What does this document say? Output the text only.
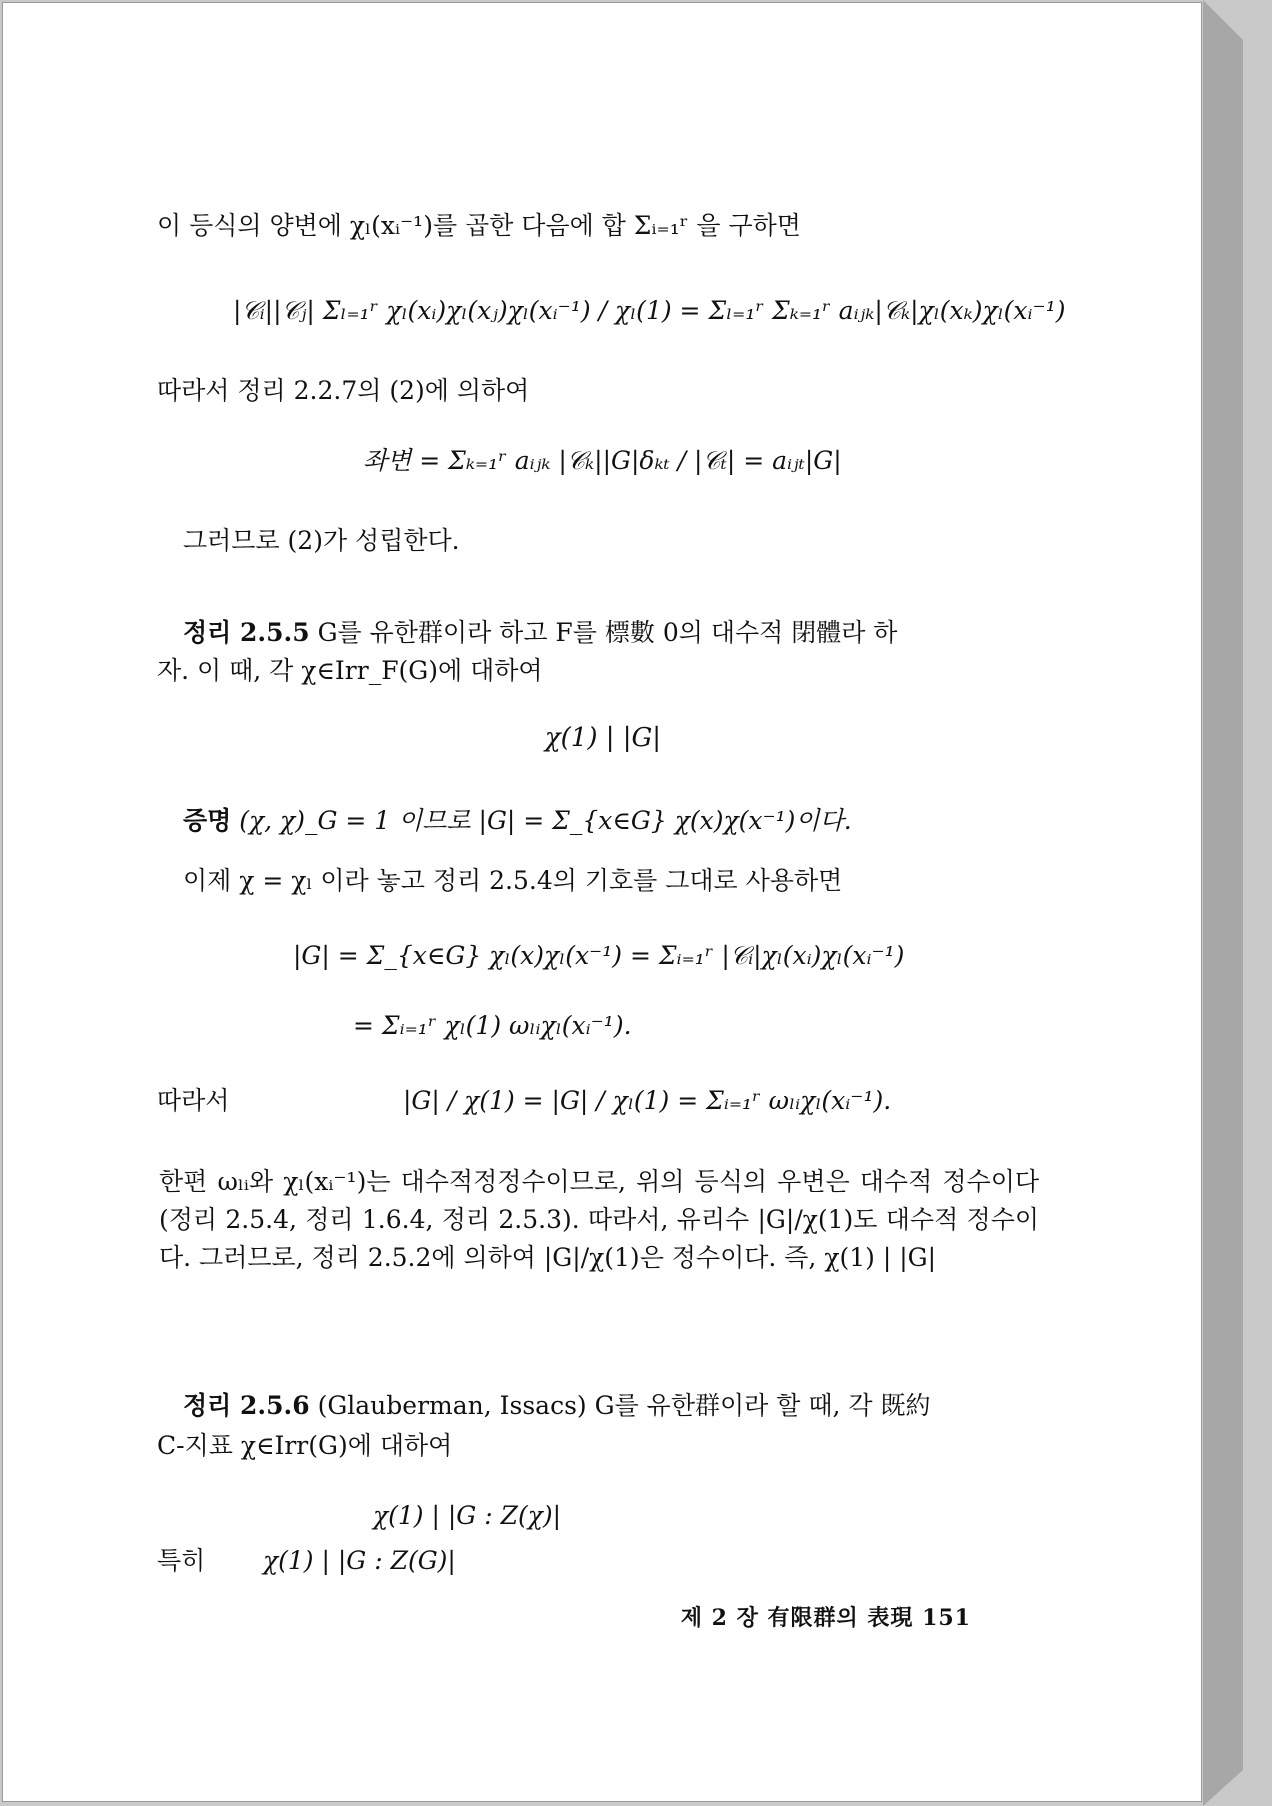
이 등식의 양변에 χₗ(xᵢ⁻¹)를 곱한 다음에 합 Σᵢ₌₁ʳ 을 구하면
|𝒞ᵢ||𝒞ⱼ| Σₗ₌₁ʳ χₗ(xᵢ)χₗ(xⱼ)χₗ(xᵢ⁻¹) / χₗ(1) = Σₗ₌₁ʳ Σₖ₌₁ʳ aᵢⱼₖ|𝒞ₖ|χₗ(xₖ)χₗ(xᵢ⁻¹)
따라서 정리 2.2.7의 (2)에 의하여
좌변 = Σₖ₌₁ʳ aᵢⱼₖ |𝒞ₖ||G|δₖₜ / |𝒞ₜ| = aᵢⱼₜ|G|
그러므로 (2)가 성립한다.
정리 2.5.5 G를 유한群이라 하고 F를 標數 0의 대수적 閉體라 하
자. 이 때, 각 χ∈Irr_F(G)에 대하여
χ(1) | |G|
증명 (χ, χ)_G = 1 이므로 |G| = Σ_{x∈G} χ(x)χ(x⁻¹)이다.
이제 χ = χₗ 이라 놓고 정리 2.5.4의 기호를 그대로 사용하면
|G| = Σ_{x∈G} χₗ(x)χₗ(x⁻¹) = Σᵢ₌₁ʳ |𝒞ᵢ|χₗ(xᵢ)χₗ(xᵢ⁻¹)
= Σᵢ₌₁ʳ χₗ(1) ωₗᵢχₗ(xᵢ⁻¹).
따라서	|G| / χ(1) = |G| / χₗ(1) = Σᵢ₌₁ʳ ωₗᵢχₗ(xᵢ⁻¹).
한편 ωₗᵢ와 χₗ(xᵢ⁻¹)는 대수적정정수이므로, 위의 등식의 우변은 대수적 정수이다(정리 2.5.4, 정리 1.6.4, 정리 2.5.3). 따라서, 유리수 |G|/χ(1)도 대수적 정수이다. 그러므로, 정리 2.5.2에 의하여 |G|/χ(1)은 정수이다. 즉, χ(1) | |G|
정리 2.5.6 (Glauberman, Issacs) G를 유한群이라 할 때, 각 既約
C-지표 χ∈Irr(G)에 대하여
χ(1) | |G : Z(χ)|
특히 χ(1) | |G : Z(G)|
제 2 장 有限群의 表現 151
